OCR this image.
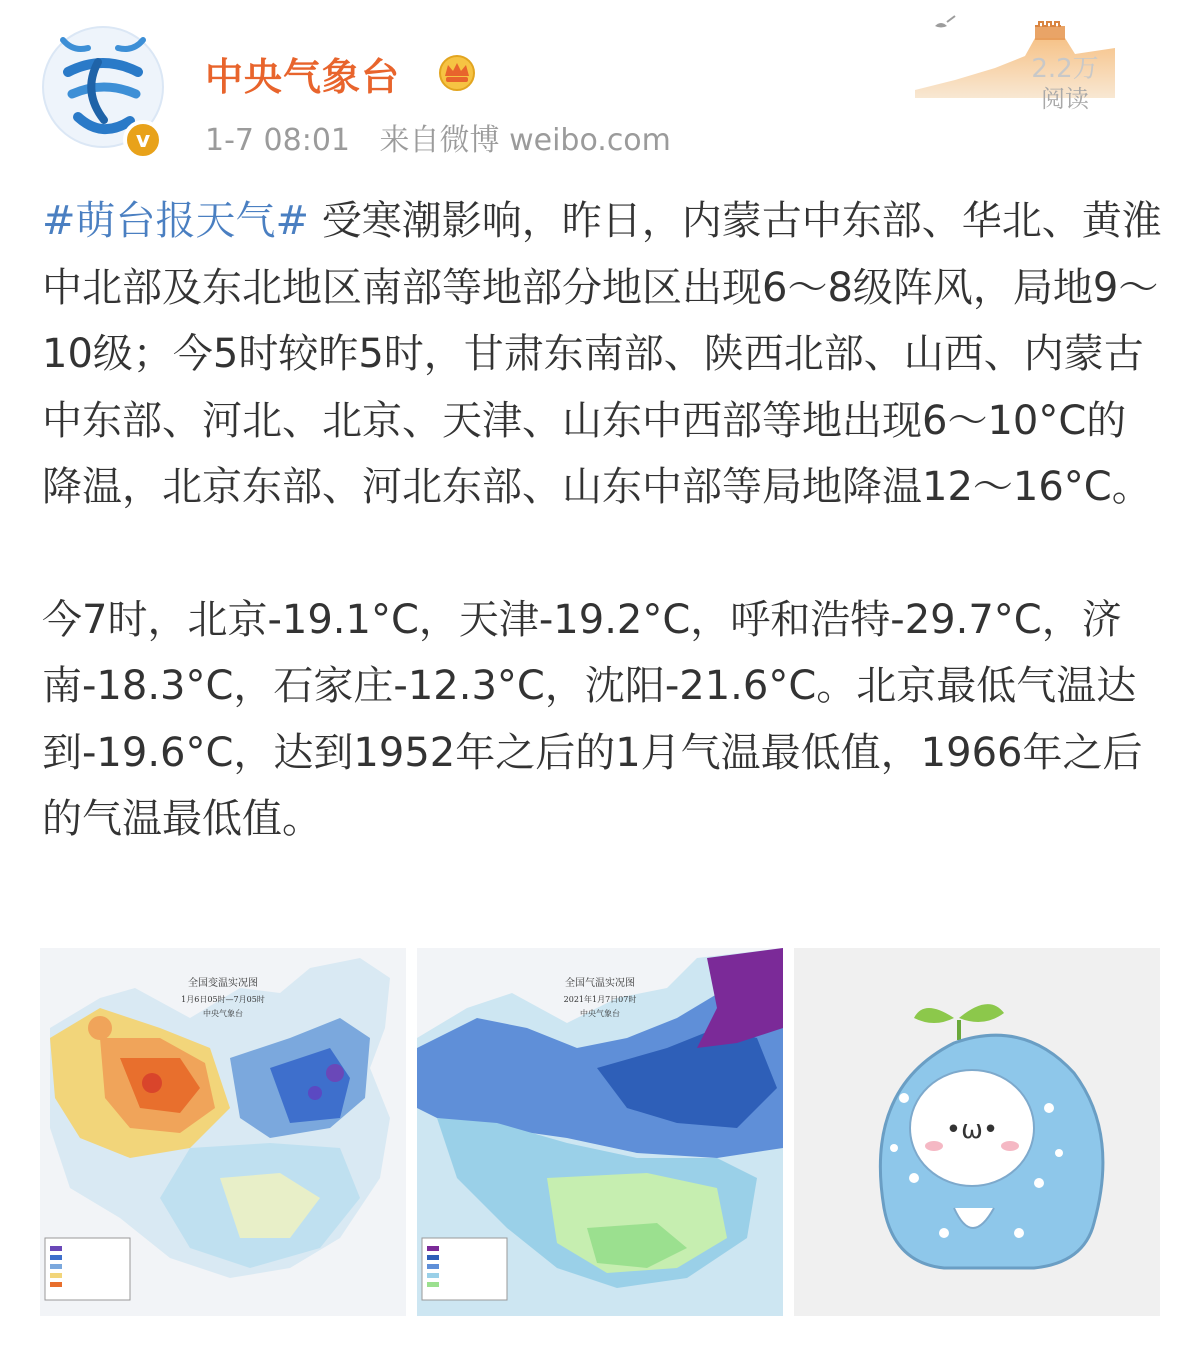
v
中央气象台
1-7 08:01 来自微博 weibo.com
2.2万
阅读

#萌台报天气# 受寒潮影响，昨日，内蒙古中东部、华北、黄淮中北部及东北地区南部等地部分地区出现6～8级阵风，局地9～10级；今5时较昨5时，甘肃东南部、陕西北部、山西、内蒙古中东部、河北、北京、天津、山东中西部等地出现6～10°C的降温，北京东部、河北东部、山东中部等局地降温12～16°C。

今7时，北京-19.1°C，天津-19.2°C，呼和浩特-29.7°C，济南-18.3°C，石家庄-12.3°C，沈阳-21.6°C。北京最低气温达到-19.6°C，达到1952年之后的1月气温最低值，1966年之后的气温最低值。

全国变温实况图
1月6日05时—7月05时
中央气象台
全国气温实况图
2021年1月7日07时
中央气象台
•ω•
